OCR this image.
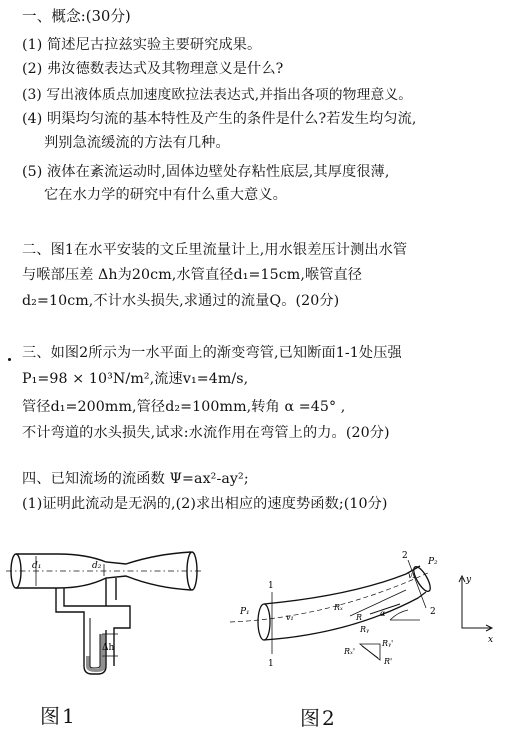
一、概念:(30分)
(1) 简述尼古拉兹实验主要研究成果。
(2) 弗汝德数表达式及其物理意义是什么?
(3) 写出液体质点加速度欧拉法表达式,并指出各项的物理意义。
(4) 明渠均匀流的基本特性及产生的条件是什么?若发生均匀流,
判别急流缓流的方法有几种。
(5) 液体在紊流运动时,固体边壁处存粘性底层,其厚度很薄,
它在水力学的研究中有什么重大意义。
二、图1在水平安装的文丘里流量计上,用水银差压计测出水管
与喉部压差 Δh为20cm,水管直径d₁=15cm,喉管直径
d₂=10cm,不计水头损失,求通过的流量Q。(20分)
三、如图2所示为一水平面上的渐变弯管,已知断面1-1处压强
P₁=98 × 10³N/m²,流速v₁=4m/s,
管径d₁=200mm,管径d₂=100mm,转角 α =45° ,
不计弯道的水头损失,试求:水流作用在弯管上的力。(20分)
四、已知流场的流函数 Ψ=ax²-ay²;
(1)证明此流动是无涡的,(2)求出相应的速度势函数;(10分)
d₁	d₂
Δh
P₁
v₁
P₂
v₂
1
1
2
2
α
Rₓ
Rᵧ
R
Rₓ'
Rᵧ'
R'
y
x
图1	图2
